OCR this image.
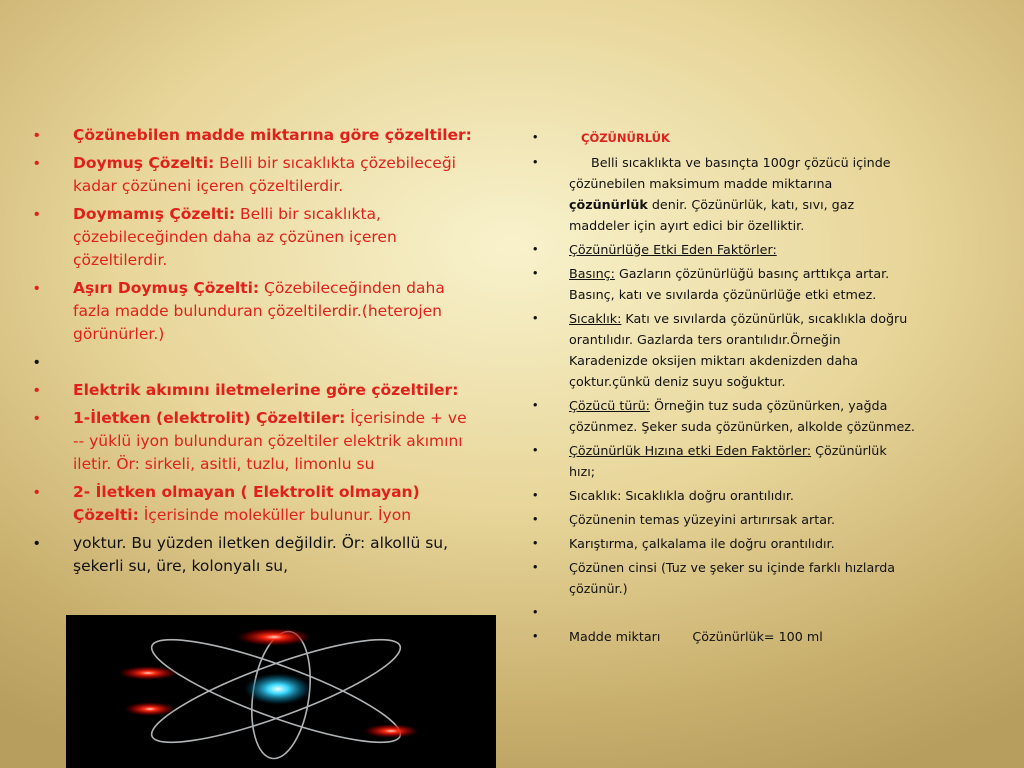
• Çözünebilen madde miktarına göre çözeltiler:
• Doymuş Çözelti: Belli bir sıcaklıkta çözebileceği kadar çözüneni içeren çözeltilerdir.
• Doymamış Çözelti: Belli bir sıcaklıkta, çözebileceğinden daha az çözünen içeren çözeltilerdir.
• Aşırı Doymuş Çözelti: Çözebileceğinden daha fazla madde bulunduran çözeltilerdir.(heterojen görünürler.)
•
• Elektrik akımını iletmelerine göre çözeltiler:
• 1-İletken (elektrolit) Çözeltiler: İçerisinde + ve -- yüklü iyon bulunduran çözeltiler elektrik akımını iletir. Ör: sirkeli, asitli, tuzlu, limonlu su
• 2- İletken olmayan ( Elektrolit olmayan) Çözelti: İçerisinde moleküller bulunur. İyon
• yoktur. Bu yüzden iletken değildir. Ör: alkollü su, şekerli su, üre, kolonyalı su,
• ÇÖZÜNÜRLÜK
• Belli sıcaklıkta ve basınçta 100gr çözücü içinde çözünebilen maksimum madde miktarına çözünürlük denir. Çözünürlük, katı, sıvı, gaz maddeler için ayırt edici bir özelliktir.
• Çözünürlüğe Etki Eden Faktörler:
• Basınç: Gazların çözünürlüğü basınç arttıkça artar. Basınç, katı ve sıvılarda çözünürlüğe etki etmez.
• Sıcaklık: Katı ve sıvılarda çözünürlük, sıcaklıkla doğru orantılıdır. Gazlarda ters orantılıdır.Örneğin Karadenizde oksijen miktarı akdenizden daha çoktur.çünkü deniz suyu soğuktur.
• Çözücü türü: Örneğin tuz suda çözünürken, yağda çözünmez. Şeker suda çözünürken, alkolde çözünmez.
• Çözünürlük Hızına etki Eden Faktörler: Çözünürlük hızı;
• Sıcaklık: Sıcaklıkla doğru orantılıdır.
• Çözünenin temas yüzeyini artırırsak artar.
• Karıştırma, çalkalama ile doğru orantılıdır.
• Çözünen cinsi (Tuz ve şeker su içinde farklı hızlarda çözünür.)
•
• Madde miktarı	Çözünürlük= 100 ml
